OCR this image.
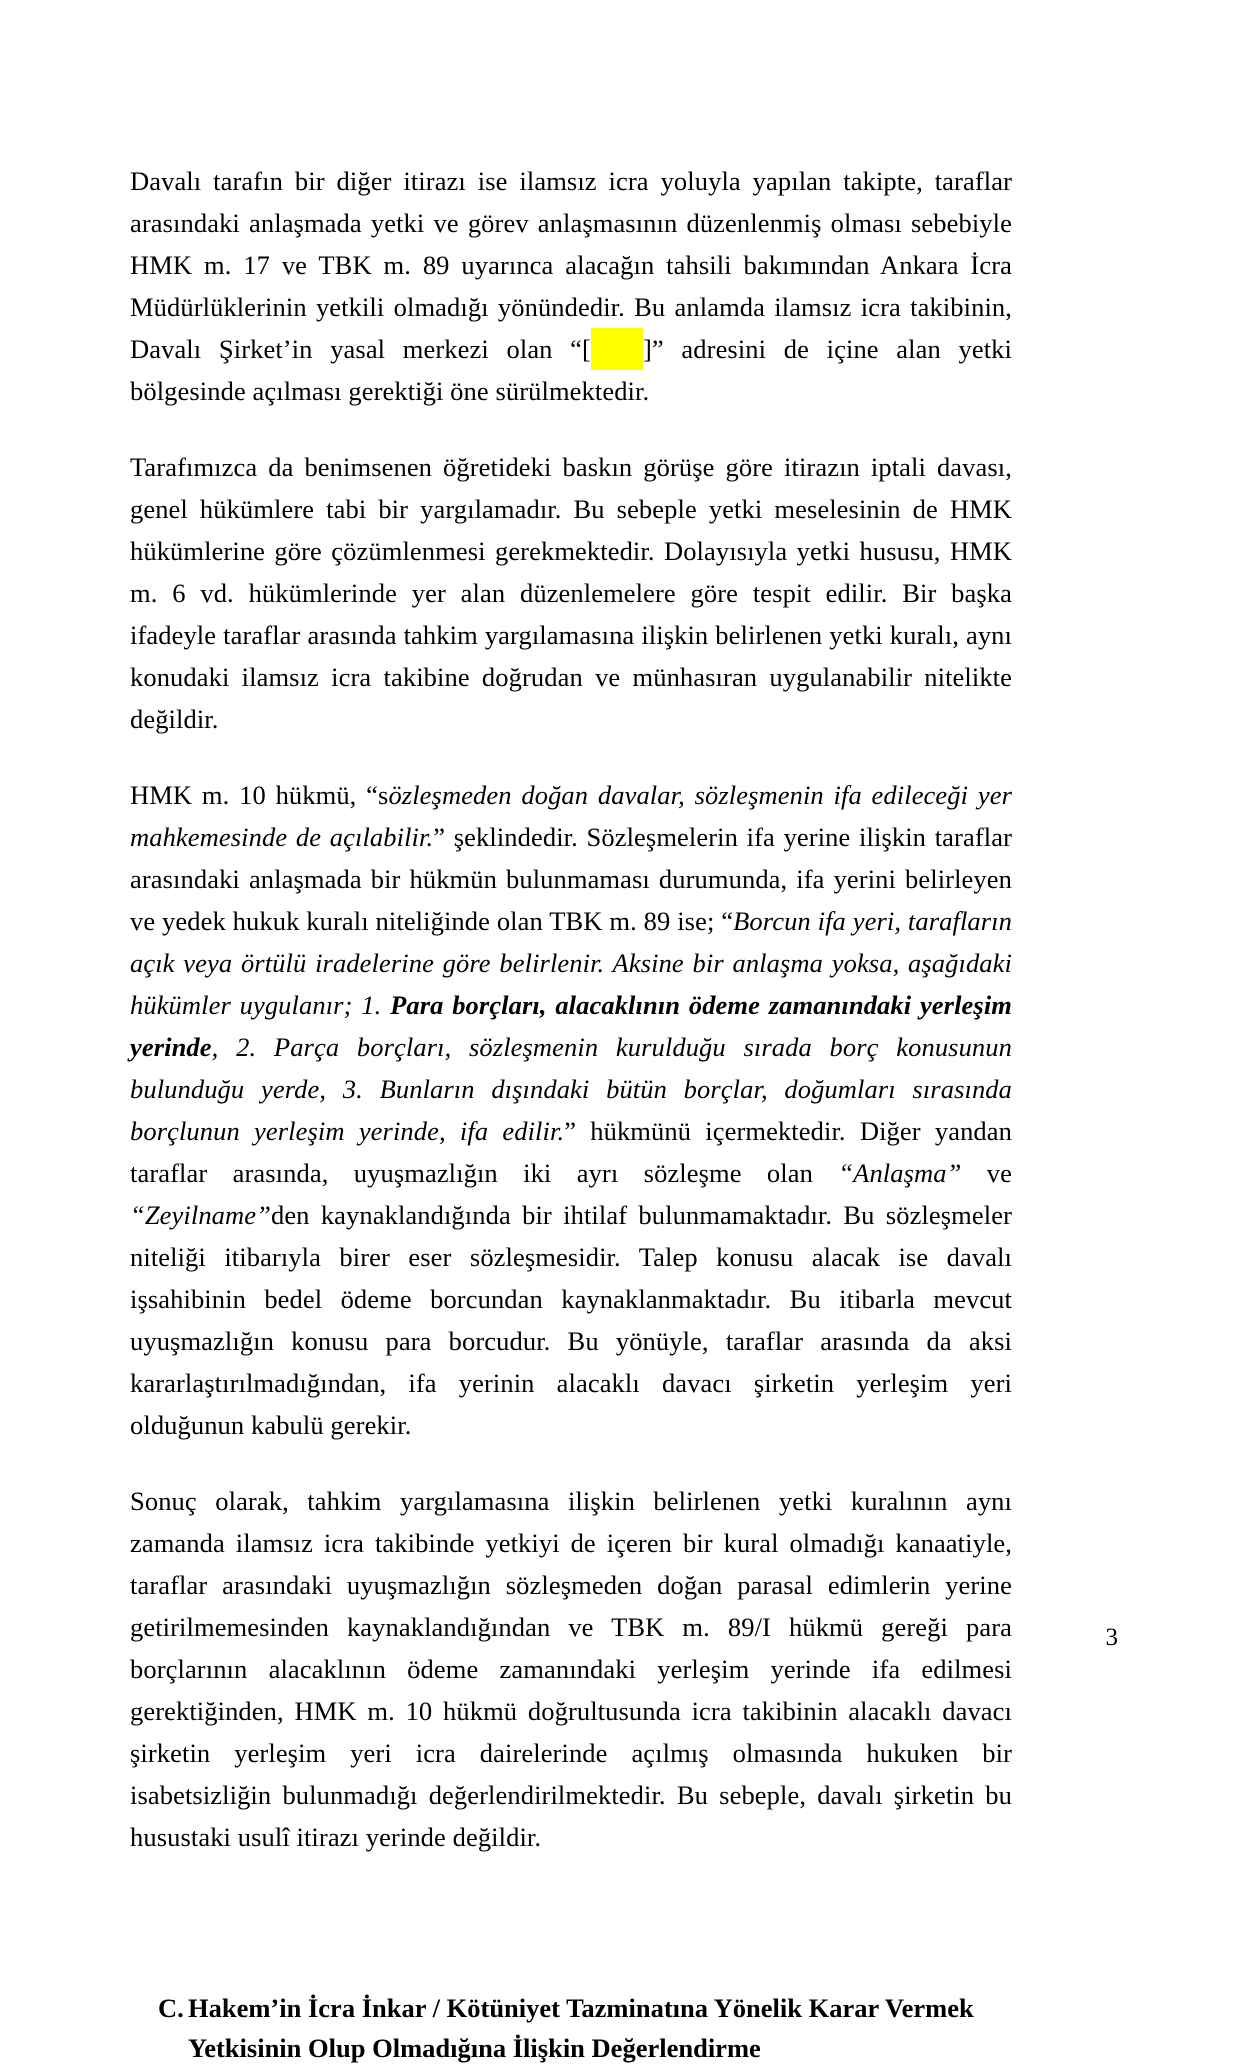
Davalı tarafın bir diğer itirazı ise ilamsız icra yoluyla yapılan takipte, taraflar arasındaki anlaşmada yetki ve görev anlaşmasının düzenlenmiş olması sebebiyle HMK m. 17 ve TBK m. 89 uyarınca alacağın tahsili bakımından Ankara İcra Müdürlüklerinin yetkili olmadığı yönündedir. Bu anlamda ilamsız icra takibinin, Davalı Şirket’in yasal merkezi olan “[ ]” adresini de içine alan yetki bölgesinde açılması gerektiği öne sürülmektedir.

Tarafımızca da benimsenen öğretideki baskın görüşe göre itirazın iptali davası, genel hükümlere tabi bir yargılamadır. Bu sebeple yetki meselesinin de HMK hükümlerine göre çözümlenmesi gerekmektedir. Dolayısıyla yetki hususu, HMK m. 6 vd. hükümlerinde yer alan düzenlemelere göre tespit edilir. Bir başka ifadeyle taraflar arasında tahkim yargılamasına ilişkin belirlenen yetki kuralı, aynı konudaki ilamsız icra takibine doğrudan ve münhasıran uygulanabilir nitelikte değildir.

HMK m. 10 hükmü, “sözleşmeden doğan davalar, sözleşmenin ifa edileceği yer mahkemesinde de açılabilir.” şeklindedir. Sözleşmelerin ifa yerine ilişkin taraflar arasındaki anlaşmada bir hükmün bulunmaması durumunda, ifa yerini belirleyen ve yedek hukuk kuralı niteliğinde olan TBK m. 89 ise; “Borcun ifa yeri, tarafların açık veya örtülü iradelerine göre belirlenir. Aksine bir anlaşma yoksa, aşağıdaki hükümler uygulanır; 1. Para borçları, alacaklının ödeme zamanındaki yerleşim yerinde, 2. Parça borçları, sözleşmenin kurulduğu sırada borç konusunun bulunduğu yerde, 3. Bunların dışındaki bütün borçlar, doğumları sırasında borçlunun yerleşim yerinde, ifa edilir.” hükmünü içermektedir. Diğer yandan taraflar arasında, uyuşmazlığın iki ayrı sözleşme olan “Anlaşma” ve “Zeyilname”den kaynaklandığında bir ihtilaf bulunmamaktadır. Bu sözleşmeler niteliği itibarıyla birer eser sözleşmesidir. Talep konusu alacak ise davalı işsahibinin bedel ödeme borcundan kaynaklanmaktadır. Bu itibarla mevcut uyuşmazlığın konusu para borcudur. Bu yönüyle, taraflar arasında da aksi kararlaştırılmadığından, ifa yerinin alacaklı davacı şirketin yerleşim yeri olduğunun kabulü gerekir.

Sonuç olarak, tahkim yargılamasına ilişkin belirlenen yetki kuralının aynı zamanda ilamsız icra takibinde yetkiyi de içeren bir kural olmadığı kanaatiyle, taraflar arasındaki uyuşmazlığın sözleşmeden doğan parasal edimlerin yerine getirilmemesinden kaynaklandığından ve TBK m. 89/I hükmü gereği para borçlarının alacaklının ödeme zamanındaki yerleşim yerinde ifa edilmesi gerektiğinden, HMK m. 10 hükmü doğrultusunda icra takibinin alacaklı davacı şirketin yerleşim yeri icra dairelerinde açılmış olmasında hukuken bir isabetsizliğin bulunmadığı değerlendirilmektedir. Bu sebeple, davalı şirketin bu husustaki usulî itirazı yerinde değildir.

C. Hakem’in İcra İnkar / Kötüniyet Tazminatına Yönelik Karar Vermek Yetkisinin Olup Olmadığına İlişkin Değerlendirme
3
